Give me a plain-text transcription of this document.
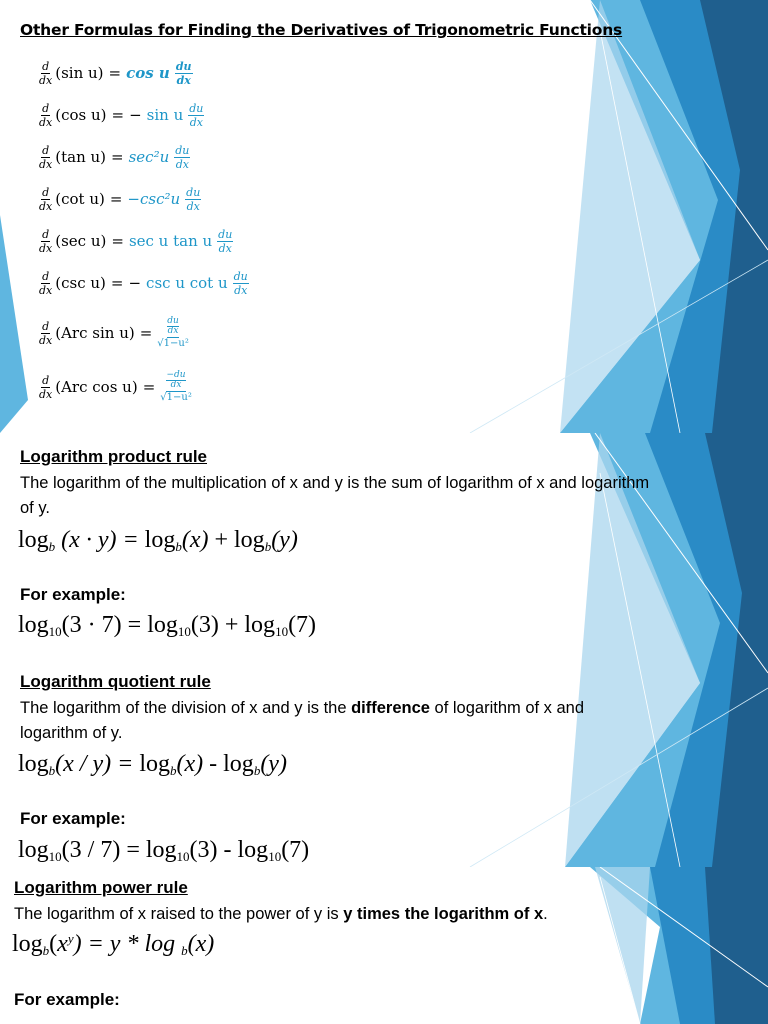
Other Formulas for Finding the Derivatives of Trigonometric Functions
$\frac{d}{dx} (\sin$ u) = cos u $\frac{du}{dx}$
$\frac{d}{dx} (\cos$ u) = − sin u $\frac{du}{dx}$
$\frac{d}{dx} (\tan$ $u) = \sec^2u \frac{du}{dx}$
$\frac{d}{dx} (\cot$ $u) = -\csc^2u \frac{du}{dx}$
$\frac{d}{dx} (\sec$ u) = sec u tan u $\frac{du}{dx}$
$\frac{d}{dx} (\csc$ u) = − csc u cot u $\frac{du}{dx}$
$\frac{d}{dx} (Arc$ sin u) =
du
dx
√1−u²
$\frac{d}{dx} (Arc$ cos u) =
−du
dx
√1−u²
Logarithm product rule
The logarithm of the multiplication of x and y is the sum of logarithm of x and logarithm of y.
$\log_b (x \cdot y) = \log_b(x) + \log_b(y)$
For example:
$\log_{10}(3 \cdot 7) = \log_{10}(3) + \log_{10}(7)$
Logarithm quotient rule
The logarithm of the division of x and y is the difference of logarithm of x and logarithm of y.
$\log_b(x / y) = \log_b(x) - \log_b(y)$
For example:
$\log_{10}(3 / 7) = \log_{10}(3) - \log_{10}(7)$
Logarithm power rule
The logarithm of x raised to the power of y is y times the logarithm of x.
$\log_b(x^y) = y * \log _b(x)$
For example:
